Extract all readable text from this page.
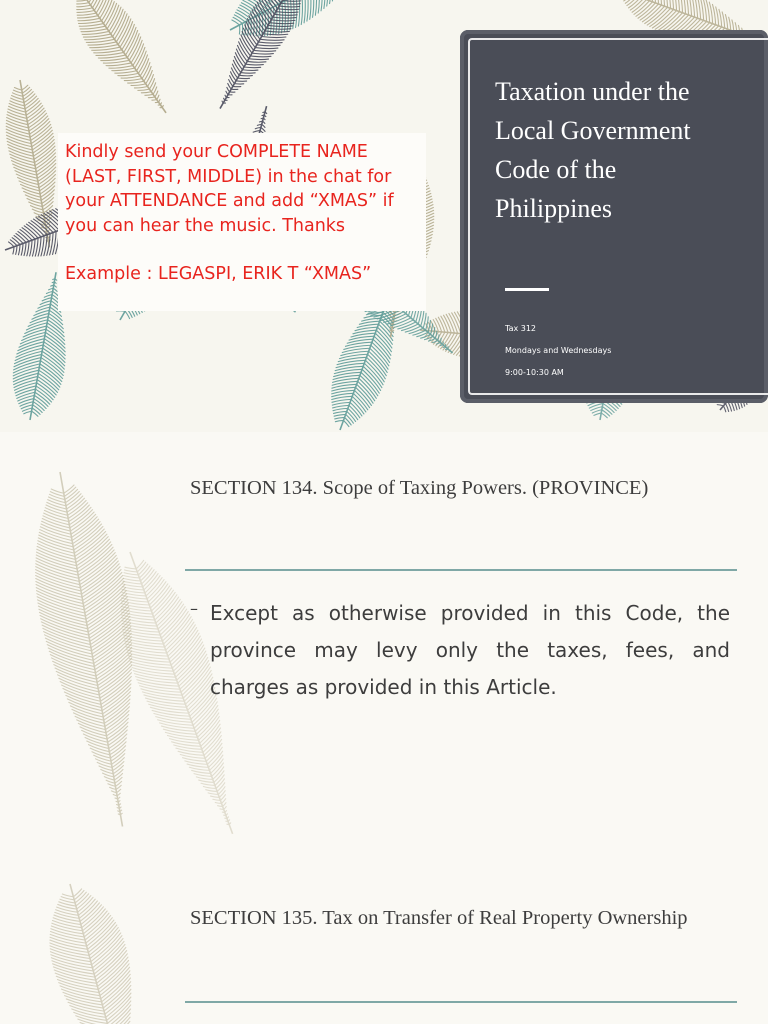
Kindly send your COMPLETE NAME (LAST, FIRST, MIDDLE) in the chat for your ATTENDANCE and add “XMAS” if you can hear the music. Thanks

Example : LEGASPI, ERIK T “XMAS”

Taxation under the Local Government Code of the Philippines
Tax 312
Mondays and Wednesdays
9:00-10:30 AM
SECTION 134. Scope of Taxing Powers. (PROVINCE)
– Except as otherwise provided in this Code, the province may levy only the taxes, fees, and charges as provided in this Article.

SECTION 135. Tax on Transfer of Real Property Ownership
